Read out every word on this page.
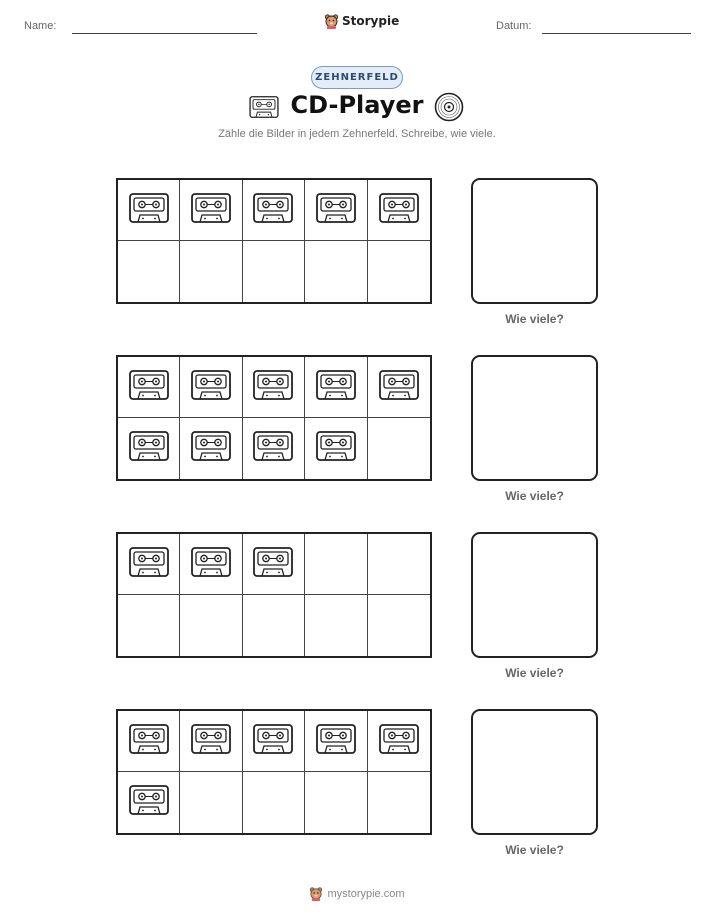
Name:	Storypie	Datum:
ZEHNERFELD
CD-Player
Zähle die Bilder in jedem Zehnerfeld. Schreibe, wie viele.
Wie viele?
Wie viele?
Wie viele?
Wie viele?
mystorypie.com
